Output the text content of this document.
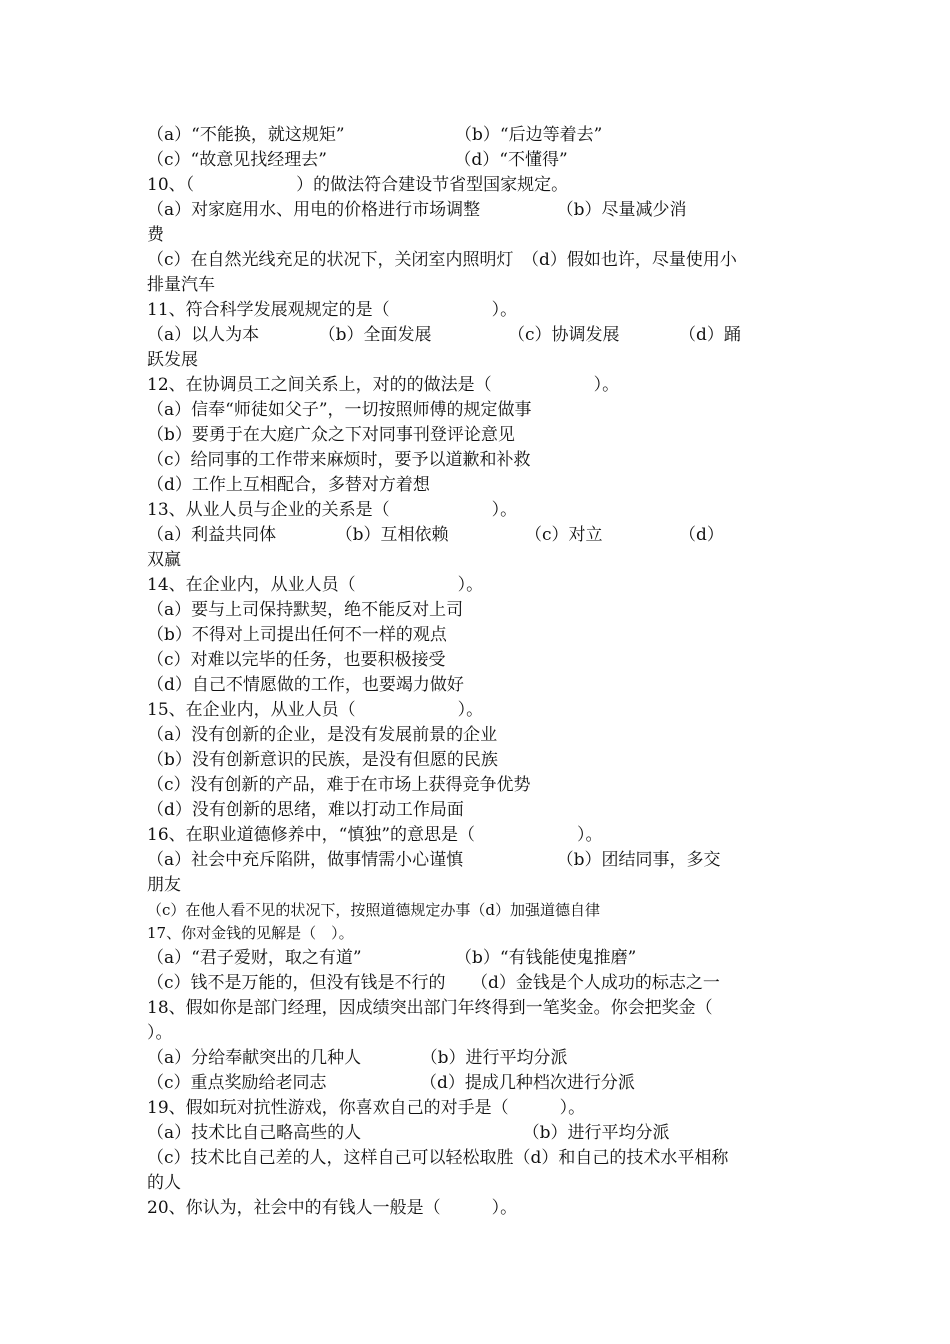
（a）“不能换，就这规矩”　　　　　　　（b）“后边等着去”
（c）“故意见找经理去”　　　　　　　　（d）“不懂得”
10、（　　　　　　）的做法符合建设节省型国家规定。
（a）对家庭用水、用电的价格进行市场调整　　　　　（b）尽量减少消
费
（c）在自然光线充足的状况下，关闭室内照明灯　（d）假如也许，尽量使用小
排量汽车
11、符合科学发展观规定的是（　　　　　　）。
（a）以人为本　　　　（b）全面发展　　　　　（c）协调发展　　　　（d）踊
跃发展
12、在协调员工之间关系上，对的的做法是（　　　　　　）。
（a）信奉“师徒如父子”，一切按照师傅的规定做事
（b）要勇于在大庭广众之下对同事刊登评论意见
（c）给同事的工作带来麻烦时，要予以道歉和补救
（d）工作上互相配合，多替对方着想
13、从业人员与企业的关系是（　　　　　　）。
（a）利益共同体　　　　（b）互相依赖　　　　　（c）对立　　　　　（d）
双赢
14、在企业内，从业人员（　　　　　　）。
（a）要与上司保持默契，绝不能反对上司
（b）不得对上司提出任何不一样的观点
（c）对难以完毕的任务，也要积极接受
（d）自己不情愿做的工作，也要竭力做好
15、在企业内，从业人员（　　　　　　）。
（a）没有创新的企业，是没有发展前景的企业
（b）没有创新意识的民族，是没有但愿的民族
（c）没有创新的产品，难于在市场上获得竞争优势
（d）没有创新的思绪，难以打动工作局面
16、在职业道德修养中，“慎独”的意思是（　　　　　　）。
（a）社会中充斥陷阱，做事情需小心谨慎　　　　　　（b）团结同事，多交
朋友
（c）在他人看不见的状况下，按照道德规定办事（d）加强道德自律
17、你对金钱的见解是（　）。
（a）“君子爱财，取之有道”　　　　　　（b）“有钱能使鬼推磨”
（c）钱不是万能的，但没有钱是不行的　　（d）金钱是个人成功的标志之一
18、假如你是部门经理，因成绩突出部门年终得到一笔奖金。你会把奖金（
）。
（a）分给奉献突出的几种人　　　　（b）进行平均分派
（c）重点奖励给老同志　　　　　　（d）提成几种档次进行分派
19、假如玩对抗性游戏，你喜欢自己的对手是（　　　）。
（a）技术比自己略高些的人　　　　　　　　　　（b）进行平均分派
（c）技术比自己差的人，这样自己可以轻松取胜（d）和自己的技术水平相称
的人
20、你认为，社会中的有钱人一般是（　　　）。
